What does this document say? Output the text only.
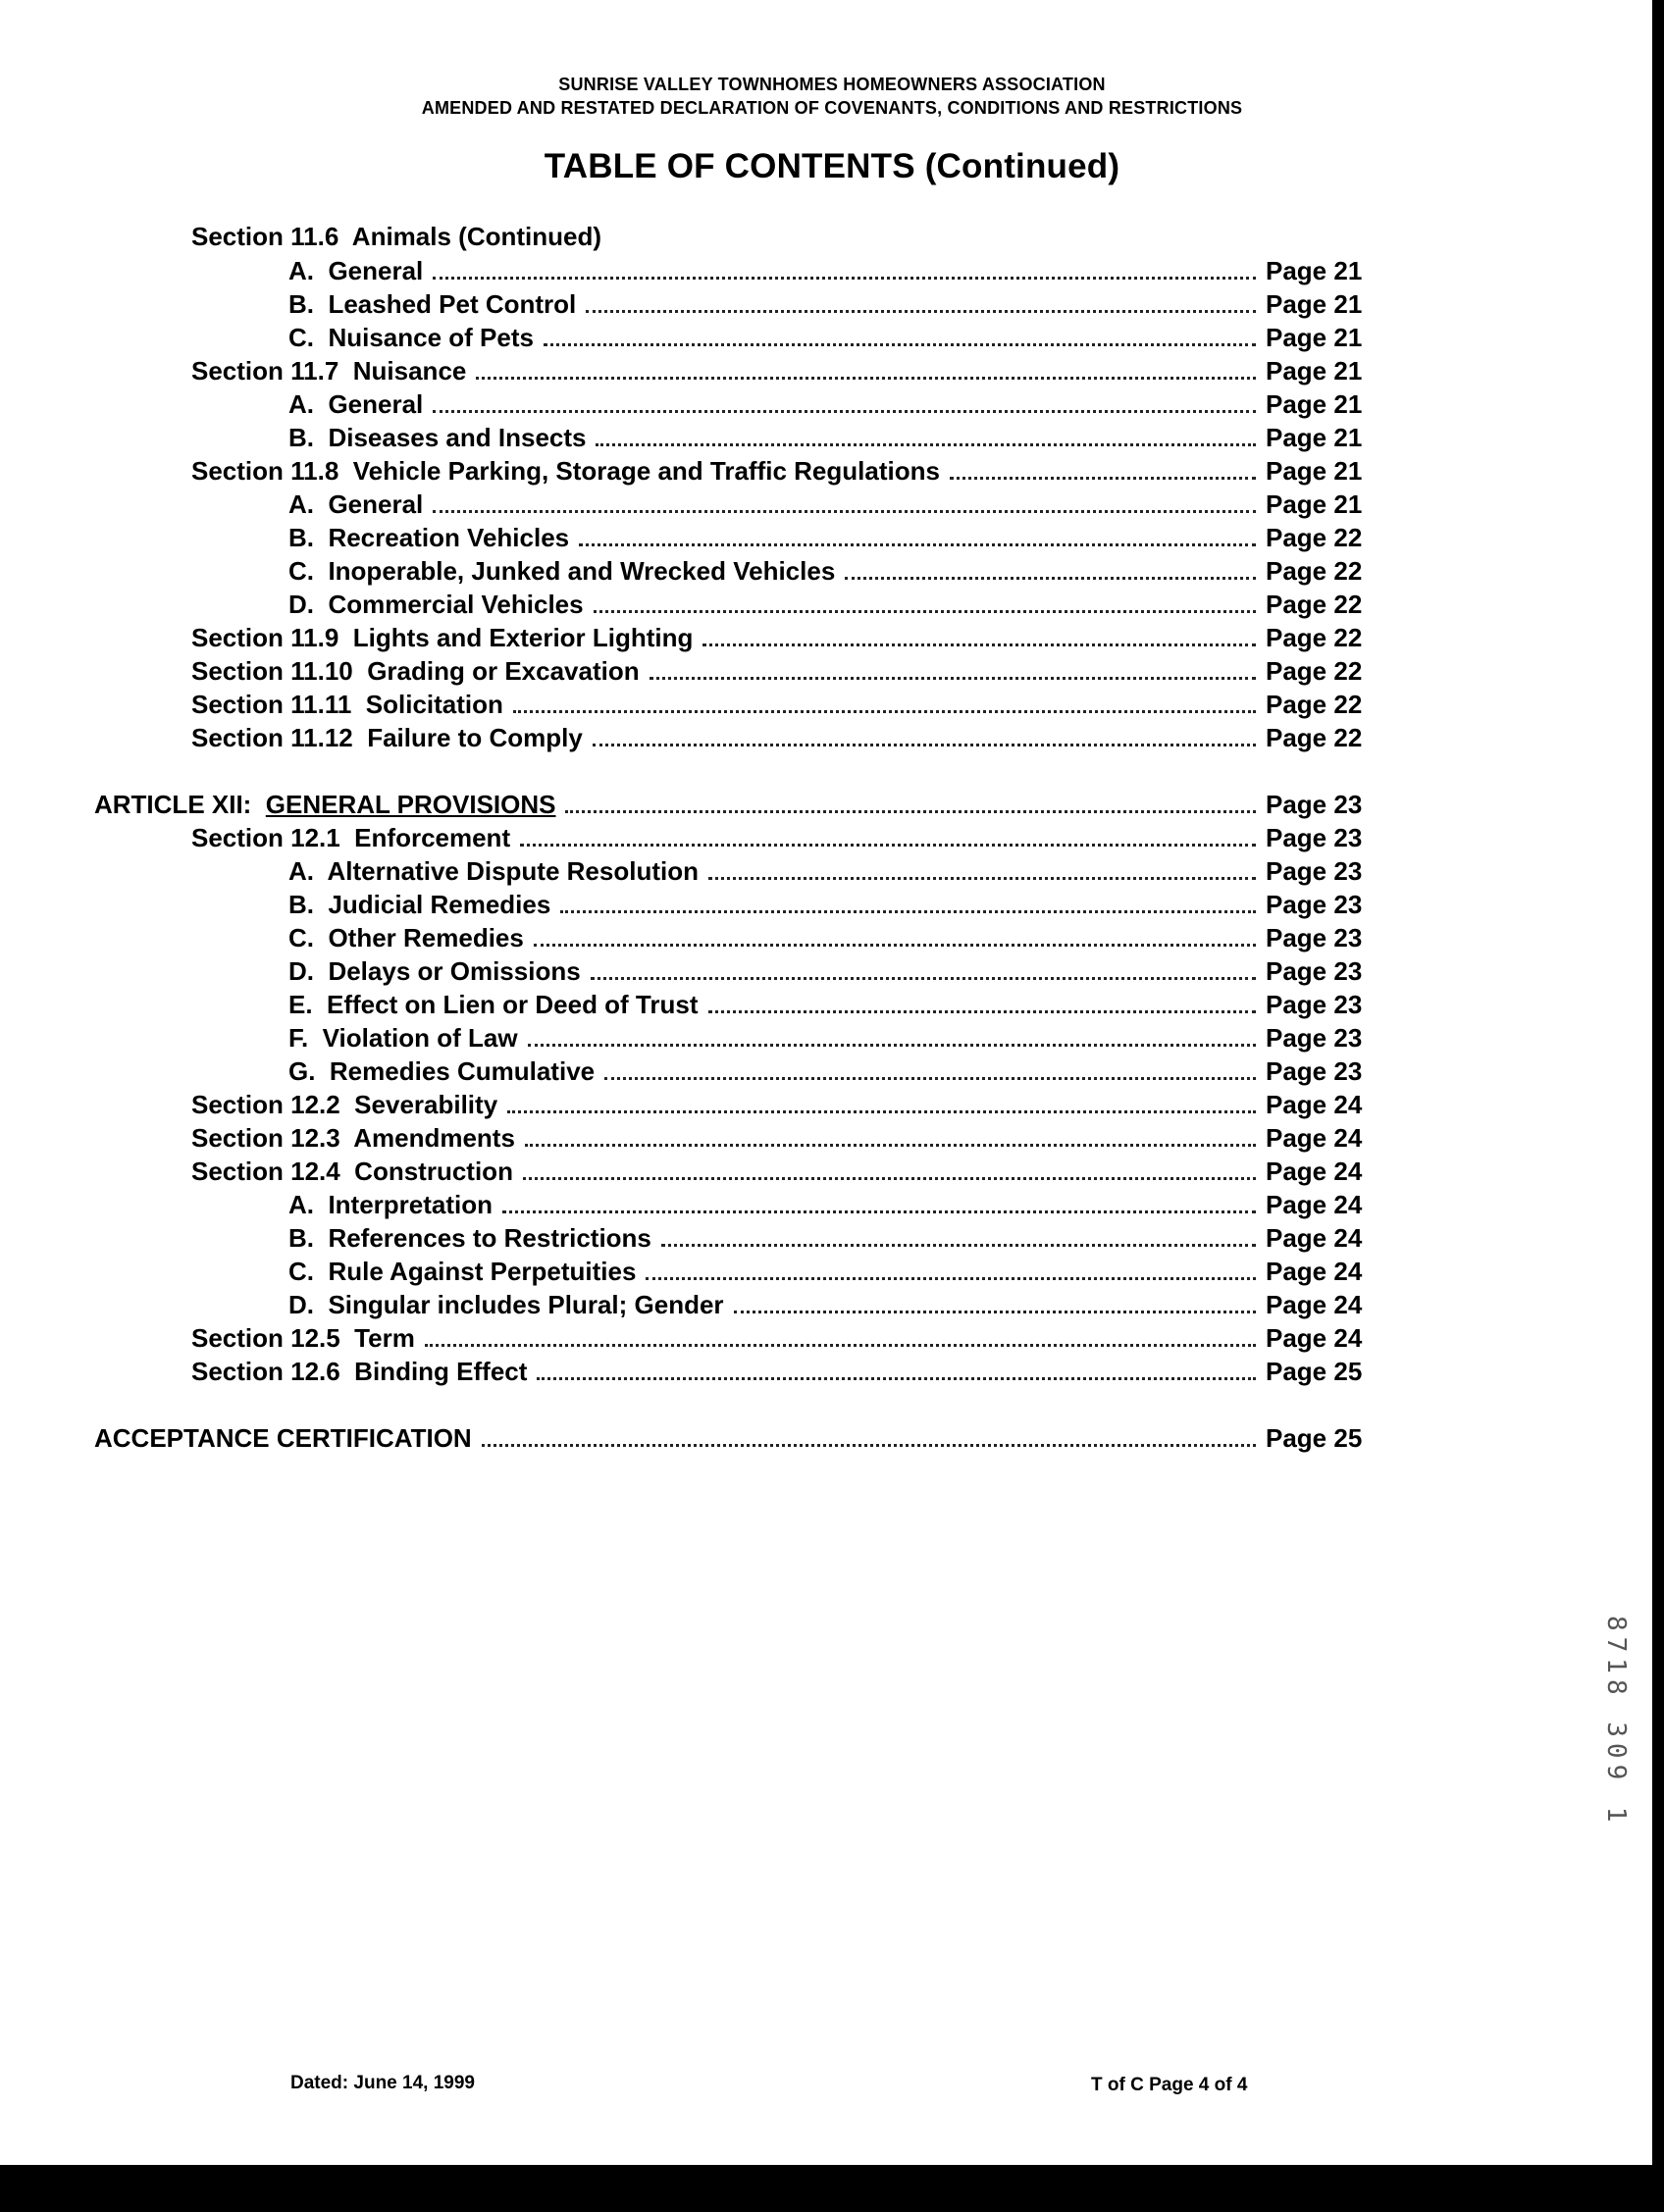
SUNRISE VALLEY TOWNHOMES HOMEOWNERS ASSOCIATION
AMENDED AND RESTATED DECLARATION OF COVENANTS, CONDITIONS AND RESTRICTIONS
TABLE OF CONTENTS (Continued)
Section 11.6  Animals (Continued)
A.  General	Page 21
B.  Leashed Pet Control	Page 21
C.  Nuisance of Pets	Page 21
Section 11.7  Nuisance	Page 21
A.  General	Page 21
B.  Diseases and Insects	Page 21
Section 11.8  Vehicle Parking, Storage and Traffic Regulations	Page 21
A.  General	Page 21
B.  Recreation Vehicles	Page 22
C.  Inoperable, Junked and Wrecked Vehicles	Page 22
D.  Commercial Vehicles	Page 22
Section 11.9  Lights and Exterior Lighting	Page 22
Section 11.10  Grading or Excavation	Page 22
Section 11.11  Solicitation	Page 22
Section 11.12  Failure to Comply	Page 22
ARTICLE XII: GENERAL PROVISIONS	Page 23
Section 12.1  Enforcement	Page 23
A.  Alternative Dispute Resolution	Page 23
B.  Judicial Remedies	Page 23
C.  Other Remedies	Page 23
D.  Delays or Omissions	Page 23
E.  Effect on Lien or Deed of Trust	Page 23
F.  Violation of Law	Page 23
G.  Remedies Cumulative	Page 23
Section 12.2  Severability	Page 24
Section 12.3  Amendments	Page 24
Section 12.4  Construction	Page 24
A.  Interpretation	Page 24
B.  References to Restrictions	Page 24
C.  Rule Against Perpetuities	Page 24
D.  Singular includes Plural; Gender	Page 24
Section 12.5  Term	Page 24
Section 12.6  Binding Effect	Page 25
ACCEPTANCE CERTIFICATION	Page 25
Dated: June 14, 1999	T of C Page 4 of 4
8718 309 1
